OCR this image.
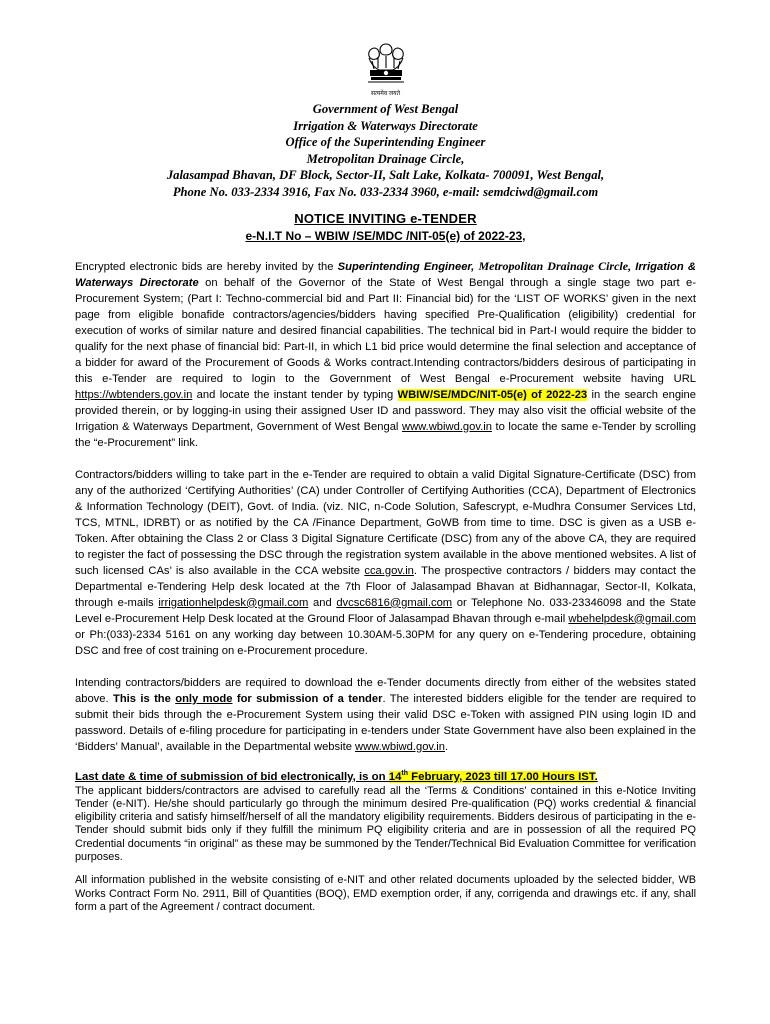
सत्यमेव जयते
Government of West Bengal
Irrigation & Waterways Directorate
Office of the Superintending Engineer
Metropolitan Drainage Circle,
Jalasampad Bhavan, DF Block, Sector-II, Salt Lake, Kolkata- 700091, West Bengal,
Phone No. 033-2334 3916, Fax No. 033-2334 3960, e-mail: semdciwd@gmail.com
NOTICE INVITING e-TENDER
e-N.I.T No – WBIW /SE/MDC /NIT-05(e) of 2022-23,

Encrypted electronic bids are hereby invited by the Superintending Engineer, Metropolitan Drainage Circle, Irrigation & Waterways Directorate on behalf of the Governor of the State of West Bengal through a single stage two part e-Procurement System; (Part I: Techno-commercial bid and Part II: Financial bid) for the ‘LIST OF WORKS’ given in the next page from eligible bonafide contractors/agencies/bidders having specified Pre-Qualification (eligibility) credential for execution of works of similar nature and desired financial capabilities. The technical bid in Part-I would require the bidder to qualify for the next phase of financial bid: Part-II, in which L1 bid price would determine the final selection and acceptance of a bidder for award of the Procurement of Goods & Works contract.Intending contractors/bidders desirous of participating in this e-Tender are required to login to the Government of West Bengal e-Procurement website having URL https://wbtenders.gov.in and locate the instant tender by typing WBIW/SE/MDC/NIT-05(e) of 2022-23 in the search engine provided therein, or by logging-in using their assigned User ID and password. They may also visit the official website of the Irrigation & Waterways Department, Government of West Bengal www.wbiwd.gov.in to locate the same e-Tender by scrolling the “e-Procurement” link.

Contractors/bidders willing to take part in the e-Tender are required to obtain a valid Digital Signature-Certificate (DSC) from any of the authorized ‘Certifying Authorities’ (CA) under Controller of Certifying Authorities (CCA), Department of Electronics & Information Technology (DEIT), Govt. of India. (viz. NIC, n-Code Solution, Safescrypt, e-Mudhra Consumer Services Ltd, TCS, MTNL, IDRBT) or as notified by the CA /Finance Department, GoWB from time to time. DSC is given as a USB e-Token. After obtaining the Class 2 or Class 3 Digital Signature Certificate (DSC) from any of the above CA, they are required to register the fact of possessing the DSC through the registration system available in the above mentioned websites. A list of such licensed CAs’ is also available in the CCA website cca.gov.in. The prospective contractors / bidders may contact the Departmental e-Tendering Help desk located at the 7th Floor of Jalasampad Bhavan at Bidhannagar, Sector-II, Kolkata, through e-mails irrigationhelpdesk@gmail.com and dvcsc6816@gmail.com or Telephone No. 033-23346098 and the State Level e-Procurement Help Desk located at the Ground Floor of Jalasampad Bhavan through e-mail wbehelpdesk@gmail.com or Ph:(033)-2334 5161 on any working day between 10.30AM-5.30PM for any query on e-Tendering procedure, obtaining DSC and free of cost training on e-Procurement procedure.

Intending contractors/bidders are required to download the e-Tender documents directly from either of the websites stated above. This is the only mode for submission of a tender. The interested bidders eligible for the tender are required to submit their bids through the e-Procurement System using their valid DSC e-Token with assigned PIN using login ID and password. Details of e-filing procedure for participating in e-tenders under State Government have also been explained in the ‘Bidders’ Manual’, available in the Departmental website www.wbiwd.gov.in.

Last date & time of submission of bid electronically, is on 14th February, 2023 till 17.00 Hours IST.

The applicant bidders/contractors are advised to carefully read all the ‘Terms & Conditions’ contained in this e-Notice Inviting Tender (e-NIT). He/she should particularly go through the minimum desired Pre-qualification (PQ) works credential & financial eligibility criteria and satisfy himself/herself of all the mandatory eligibility requirements. Bidders desirous of participating in the e-Tender should submit bids only if they fulfill the minimum PQ eligibility criteria and are in possession of all the required PQ Credential documents “in original” as these may be summoned by the Tender/Technical Bid Evaluation Committee for verification purposes.

All information published in the website consisting of e-NIT and other related documents uploaded by the selected bidder, WB Works Contract Form No. 2911, Bill of Quantities (BOQ), EMD exemption order, if any, corrigenda and drawings etc. if any, shall form a part of the Agreement / contract document.
